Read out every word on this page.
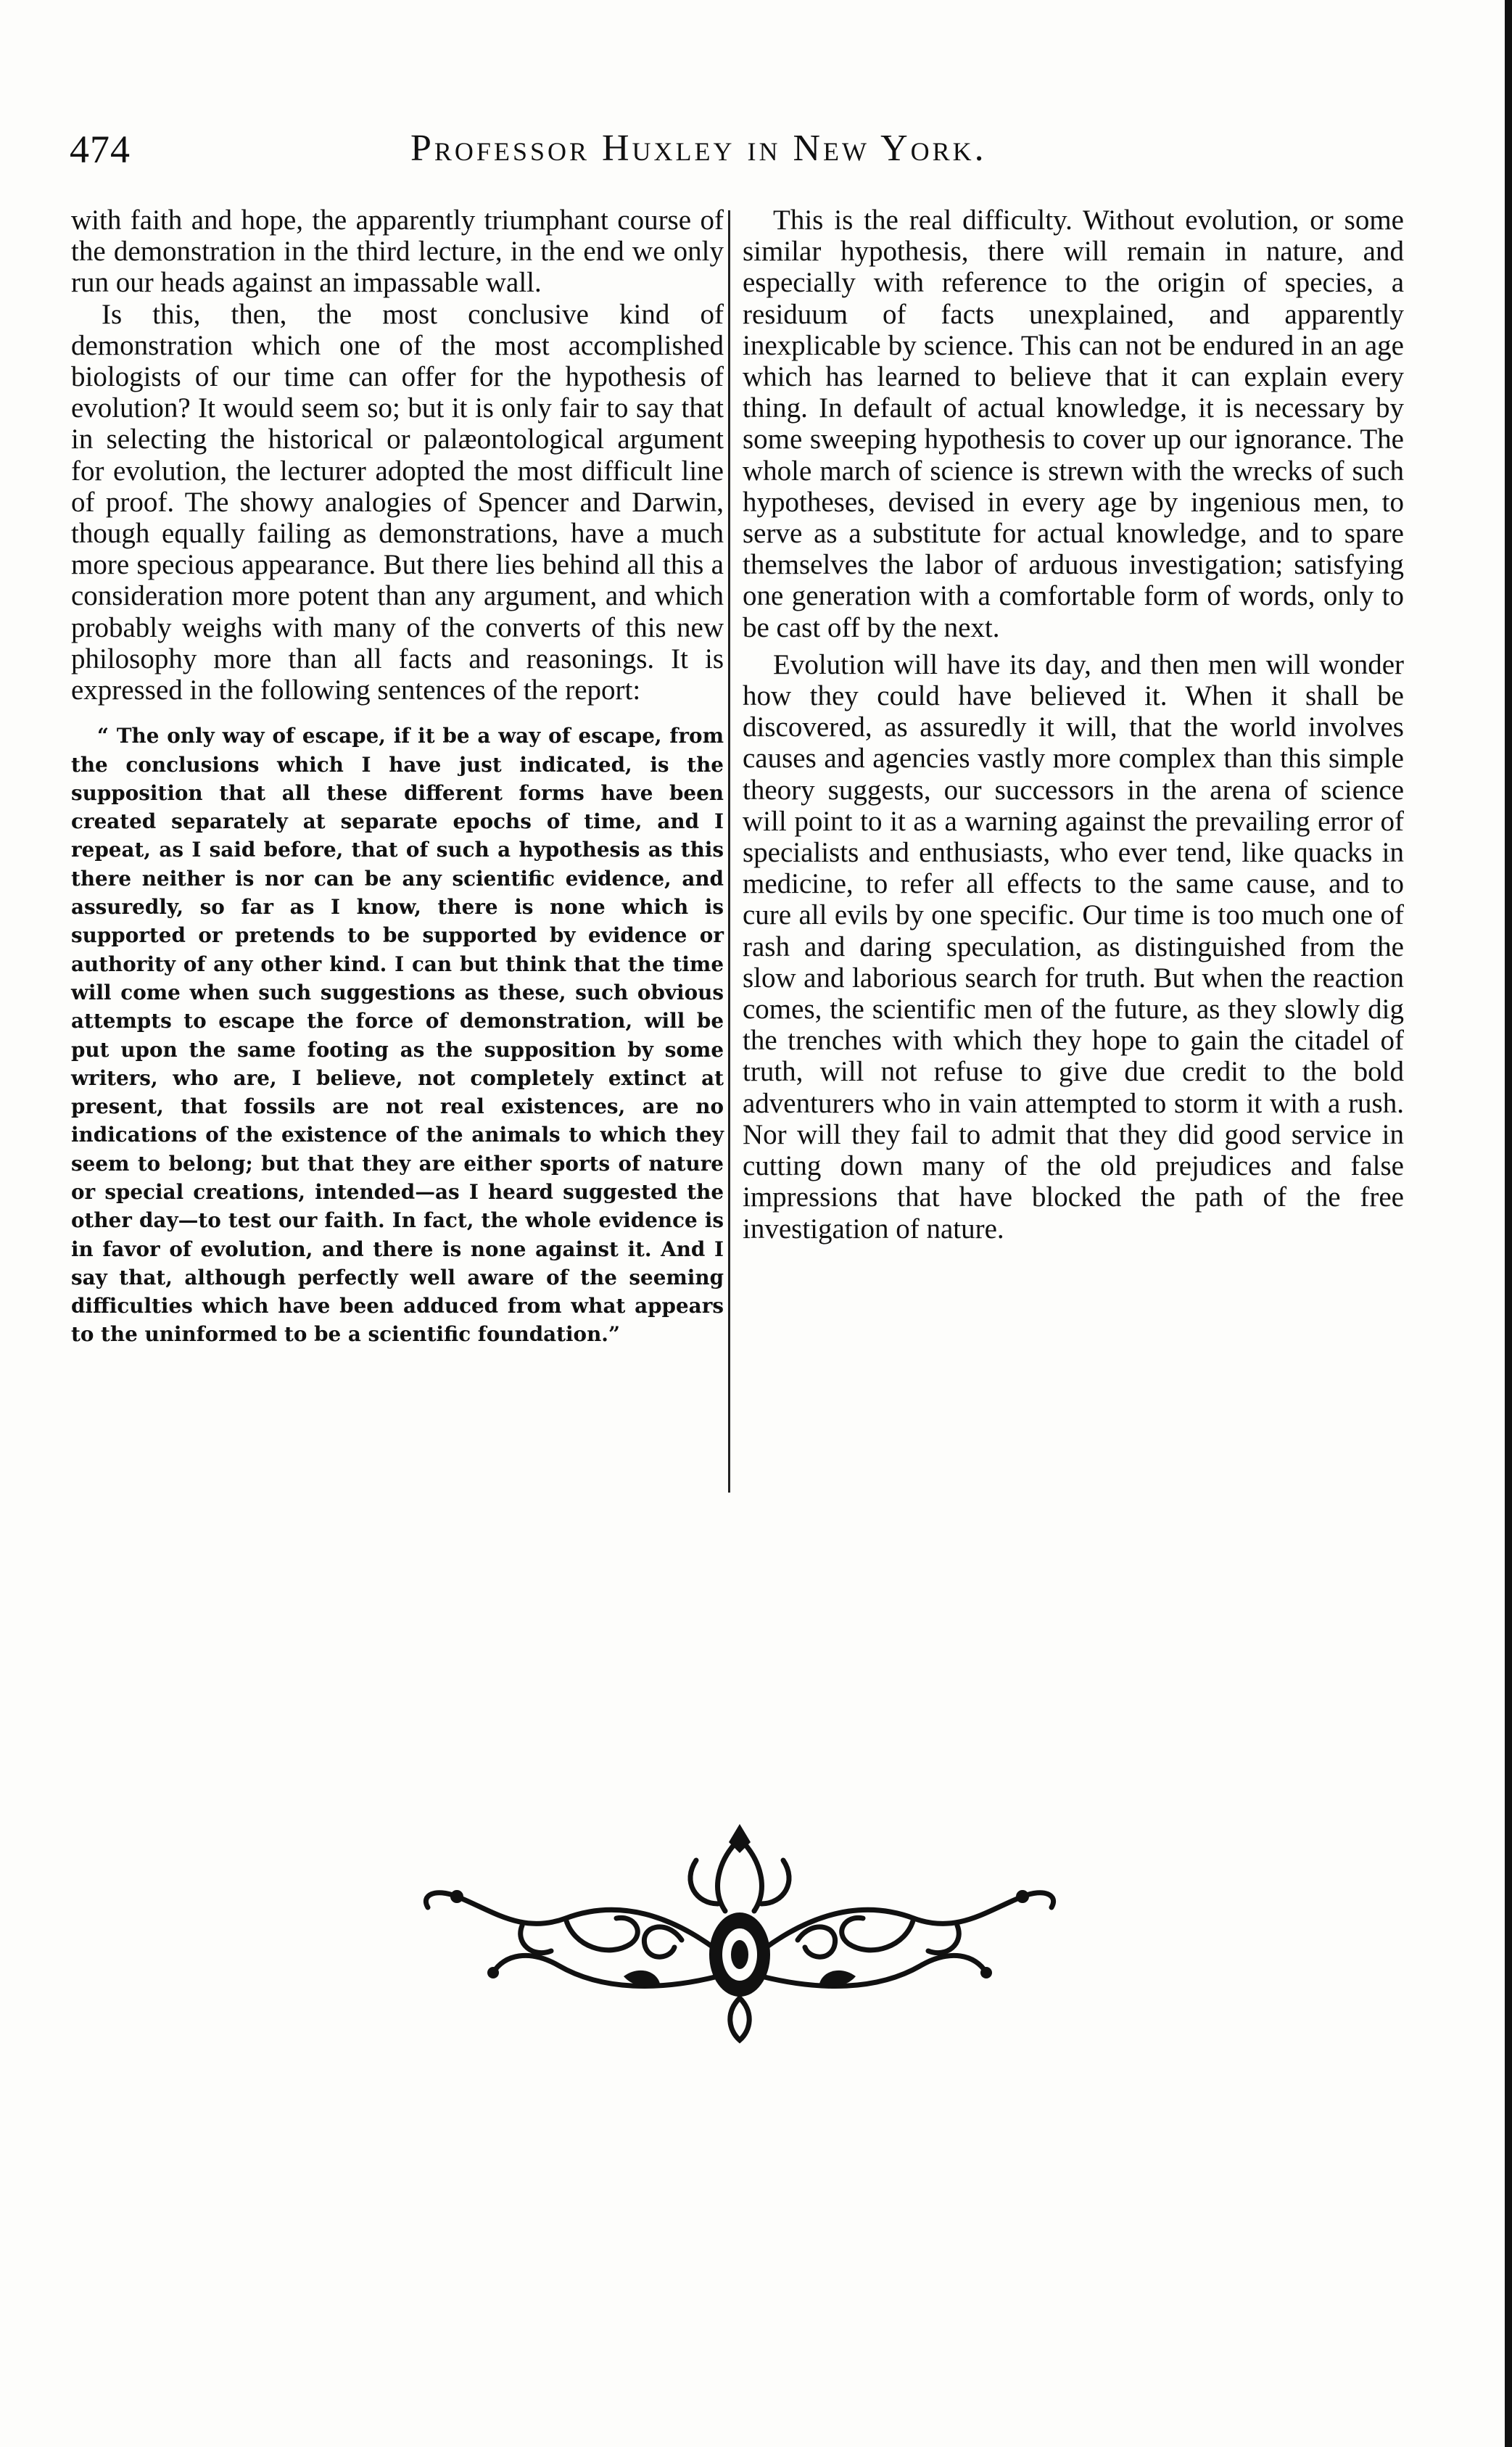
474	Professor Huxley in New York.

with faith and hope, the apparently triumphant course of the demonstration in the third lecture, in the end we only run our heads against an impassable wall.

Is this, then, the most conclusive kind of demonstration which one of the most accomplished biologists of our time can offer for the hypothesis of evolution? It would seem so; but it is only fair to say that in selecting the historical or palæontological argument for evolution, the lecturer adopted the most difficult line of proof. The showy analogies of Spencer and Darwin, though equally failing as demonstrations, have a much more specious appearance. But there lies behind all this a consideration more potent than any argument, and which probably weighs with many of the converts of this new philosophy more than all facts and reasonings. It is expressed in the following sentences of the report:

“ The only way of escape, if it be a way of escape, from the conclusions which I have just indicated, is the supposition that all these different forms have been created separately at separate epochs of time, and I repeat, as I said before, that of such a hypothesis as this there neither is nor can be any scientific evidence, and assuredly, so far as I know, there is none which is supported or pretends to be supported by evidence or authority of any other kind. I can but think that the time will come when such suggestions as these, such obvious attempts to escape the force of demonstration, will be put upon the same footing as the supposition by some writers, who are, I believe, not completely extinct at present, that fossils are not real existences, are no indications of the existence of the animals to which they seem to belong; but that they are either sports of nature or special creations, intended—as I heard suggested the other day—to test our faith. In fact, the whole evidence is in favor of evolution, and there is none against it. And I say that, although perfectly well aware of the seeming difficulties which have been adduced from what appears to the uninformed to be a scientific foundation.”

This is the real difficulty. Without evolution, or some similar hypothesis, there will remain in nature, and especially with reference to the origin of species, a residuum of facts unexplained, and apparently inexplicable by science. This can not be endured in an age which has learned to believe that it can explain every thing. In default of actual knowledge, it is necessary by some sweeping hypothesis to cover up our ignorance. The whole march of science is strewn with the wrecks of such hypotheses, devised in every age by ingenious men, to serve as a substitute for actual knowledge, and to spare themselves the labor of arduous investigation; satisfying one generation with a comfortable form of words, only to be cast off by the next.

Evolution will have its day, and then men will wonder how they could have believed it. When it shall be discovered, as assuredly it will, that the world involves causes and agencies vastly more complex than this simple theory suggests, our successors in the arena of science will point to it as a warning against the prevailing error of specialists and enthusiasts, who ever tend, like quacks in medicine, to refer all effects to the same cause, and to cure all evils by one specific. Our time is too much one of rash and daring speculation, as distinguished from the slow and laborious search for truth. But when the reaction comes, the scientific men of the future, as they slowly dig the trenches with which they hope to gain the citadel of truth, will not refuse to give due credit to the bold adventurers who in vain attempted to storm it with a rush. Nor will they fail to admit that they did good service in cutting down many of the old prejudices and false impressions that have blocked the path of the free investigation of nature.
